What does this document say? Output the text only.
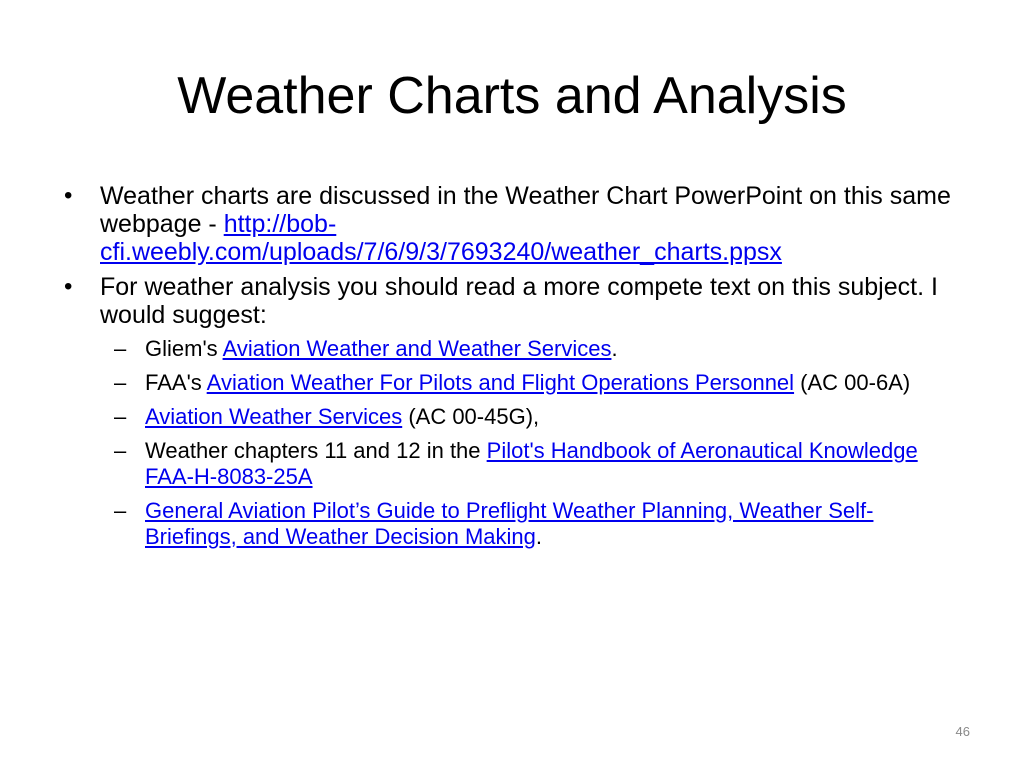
Weather Charts and Analysis
• Weather charts are discussed in the Weather Chart PowerPoint on this same webpage - http://bob-cfi.weebly.com/uploads/7/6/9/3/7693240/weather_charts.ppsx
• For weather analysis you should read a more compete text on this subject. I would suggest:
– Gliem's Aviation Weather and Weather Services.
– FAA's Aviation Weather For Pilots and Flight Operations Personnel (AC 00-6A)
– Aviation Weather Services (AC 00-45G),
– Weather chapters 11 and 12 in the Pilot's Handbook of Aeronautical Knowledge FAA-H-8083-25A
– General Aviation Pilot’s Guide to Preflight Weather Planning, Weather Self-Briefings, and Weather Decision Making.
46
